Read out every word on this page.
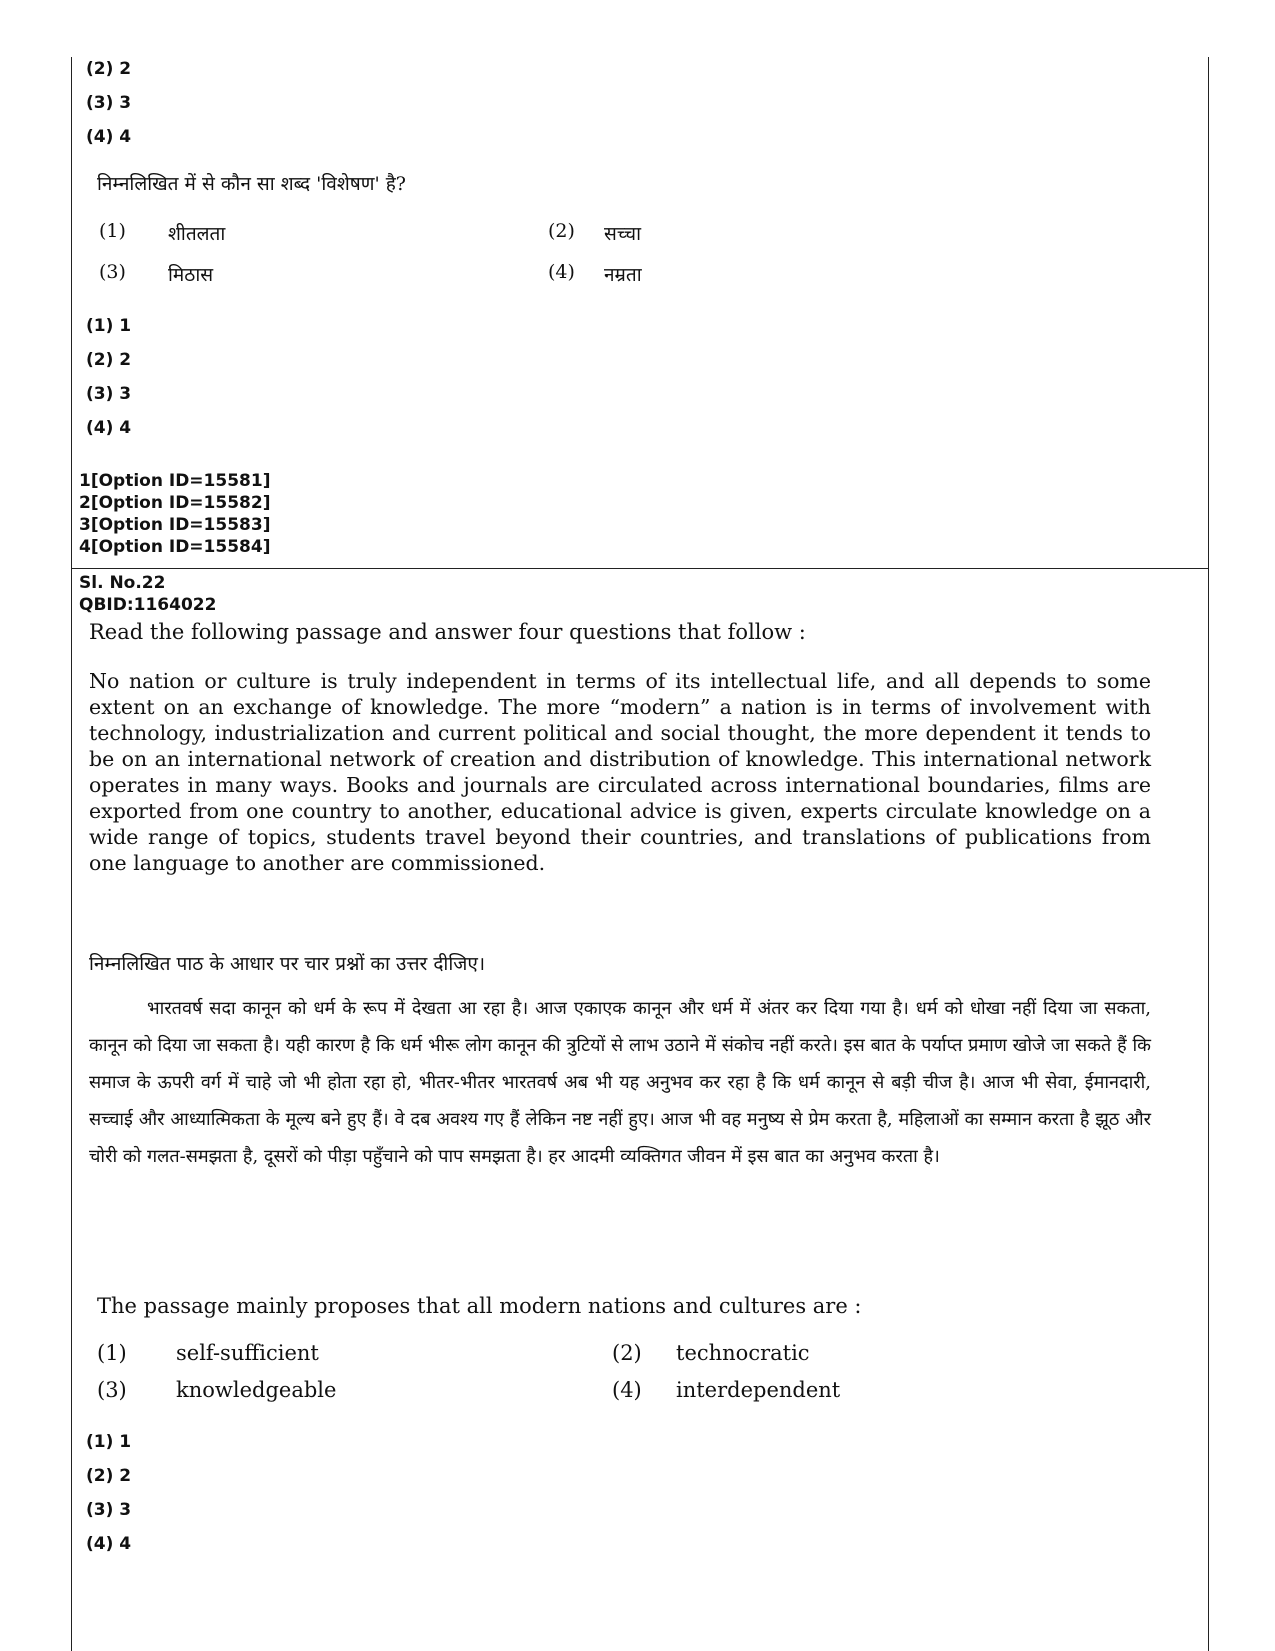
(2) 2
(3) 3
(4) 4
निम्नलिखित में से कौन सा शब्द 'विशेषण' है?
(1) शीतलता	(2) सच्चा
(3) मिठास	(4) नम्रता
(1) 1
(2) 2
(3) 3
(4) 4
1[Option ID=15581]
2[Option ID=15582]
3[Option ID=15583]
4[Option ID=15584]
Sl. No.22
QBID:1164022
Read the following passage and answer four questions that follow :
No nation or culture is truly independent in terms of its intellectual life, and all depends to some extent on an exchange of knowledge. The more “modern” a nation is in terms of involvement with technology, industrialization and current political and social thought, the more dependent it tends to be on an international network of creation and distribution of knowledge. This international network operates in many ways. Books and journals are circulated across international boundaries, films are exported from one country to another, educational advice is given, experts circulate knowledge on a wide range of topics, students travel beyond their countries, and translations of publications from one language to another are commissioned.
निम्नलिखित पाठ के आधार पर चार प्रश्नों का उत्तर दीजिए।
भारतवर्ष सदा कानून को धर्म के रूप में देखता आ रहा है। आज एकाएक कानून और धर्म में अंतर कर दिया गया है। धर्म को धोखा नहीं दिया जा सकता, कानून को दिया जा सकता है। यही कारण है कि धर्म भीरू लोग कानून की त्रुटियों से लाभ उठाने में संकोच नहीं करते। इस बात के पर्याप्त प्रमाण खोजे जा सकते हैं कि समाज के ऊपरी वर्ग में चाहे जो भी होता रहा हो, भीतर-भीतर भारतवर्ष अब भी यह अनुभव कर रहा है कि धर्म कानून से बड़ी चीज है। आज भी सेवा, ईमानदारी, सच्चाई और आध्यात्मिकता के मूल्य बने हुए हैं। वे दब अवश्य गए हैं लेकिन नष्ट नहीं हुए। आज भी वह मनुष्य से प्रेम करता है, महिलाओं का सम्मान करता है झूठ और चोरी को गलत-समझता है, दूसरों को पीड़ा पहुँचाने को पाप समझता है। हर आदमी व्यक्तिगत जीवन में इस बात का अनुभव करता है।
The passage mainly proposes that all modern nations and cultures are :
(1) self-sufficient	(2) technocratic
(3) knowledgeable	(4) interdependent
(1) 1
(2) 2
(3) 3
(4) 4
